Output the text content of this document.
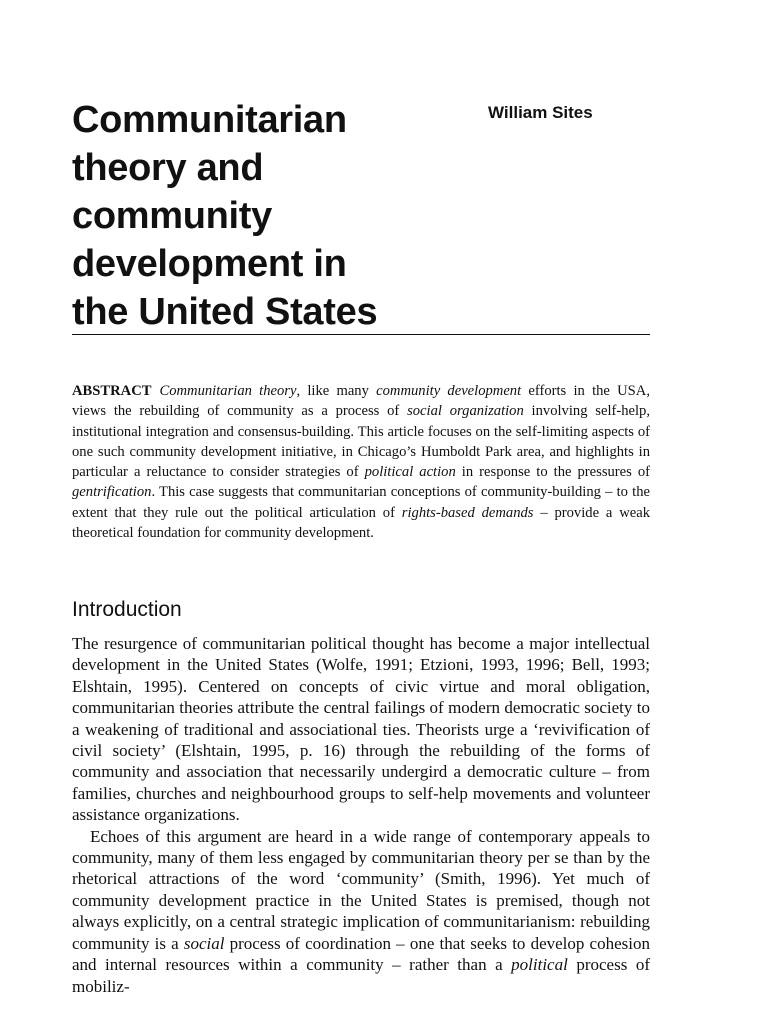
Communitarian
theory and
community
development in
the United States

William Sites

ABSTRACT Communitarian theory, like many community development efforts in the USA, views the rebuilding of community as a process of social organization involving self-help, institutional integration and consensus-building. This article focuses on the self-limiting aspects of one such community development initiative, in Chicago’s Humboldt Park area, and highlights in particular a reluctance to consider strategies of political action in response to the pressures of gentrification. This case suggests that communitarian conceptions of community-building – to the extent that they rule out the political articulation of rights-based demands – provide a weak theoretical foundation for community development.

Introduction

The resurgence of communitarian political thought has become a major intellectual development in the United States (Wolfe, 1991; Etzioni, 1993, 1996; Bell, 1993; Elshtain, 1995). Centered on concepts of civic virtue and moral obligation, communitarian theories attribute the central failings of modern democratic society to a weakening of traditional and associational ties. Theorists urge a ‘revivification of civil society’ (Elshtain, 1995, p. 16) through the rebuilding of the forms of community and association that necessarily undergird a democratic culture – from families, churches and neighbourhood groups to self-help movements and volunteer assistance organizations.

Echoes of this argument are heard in a wide range of contemporary appeals to community, many of them less engaged by communitarian theory per se than by the rhetorical attractions of the word ‘community’ (Smith, 1996). Yet much of community development practice in the United States is premised, though not always explicitly, on a central strategic implication of communitarianism: rebuilding community is a social process of coordination – one that seeks to develop cohesion and internal resources within a community – rather than a political process of mobiliz-
